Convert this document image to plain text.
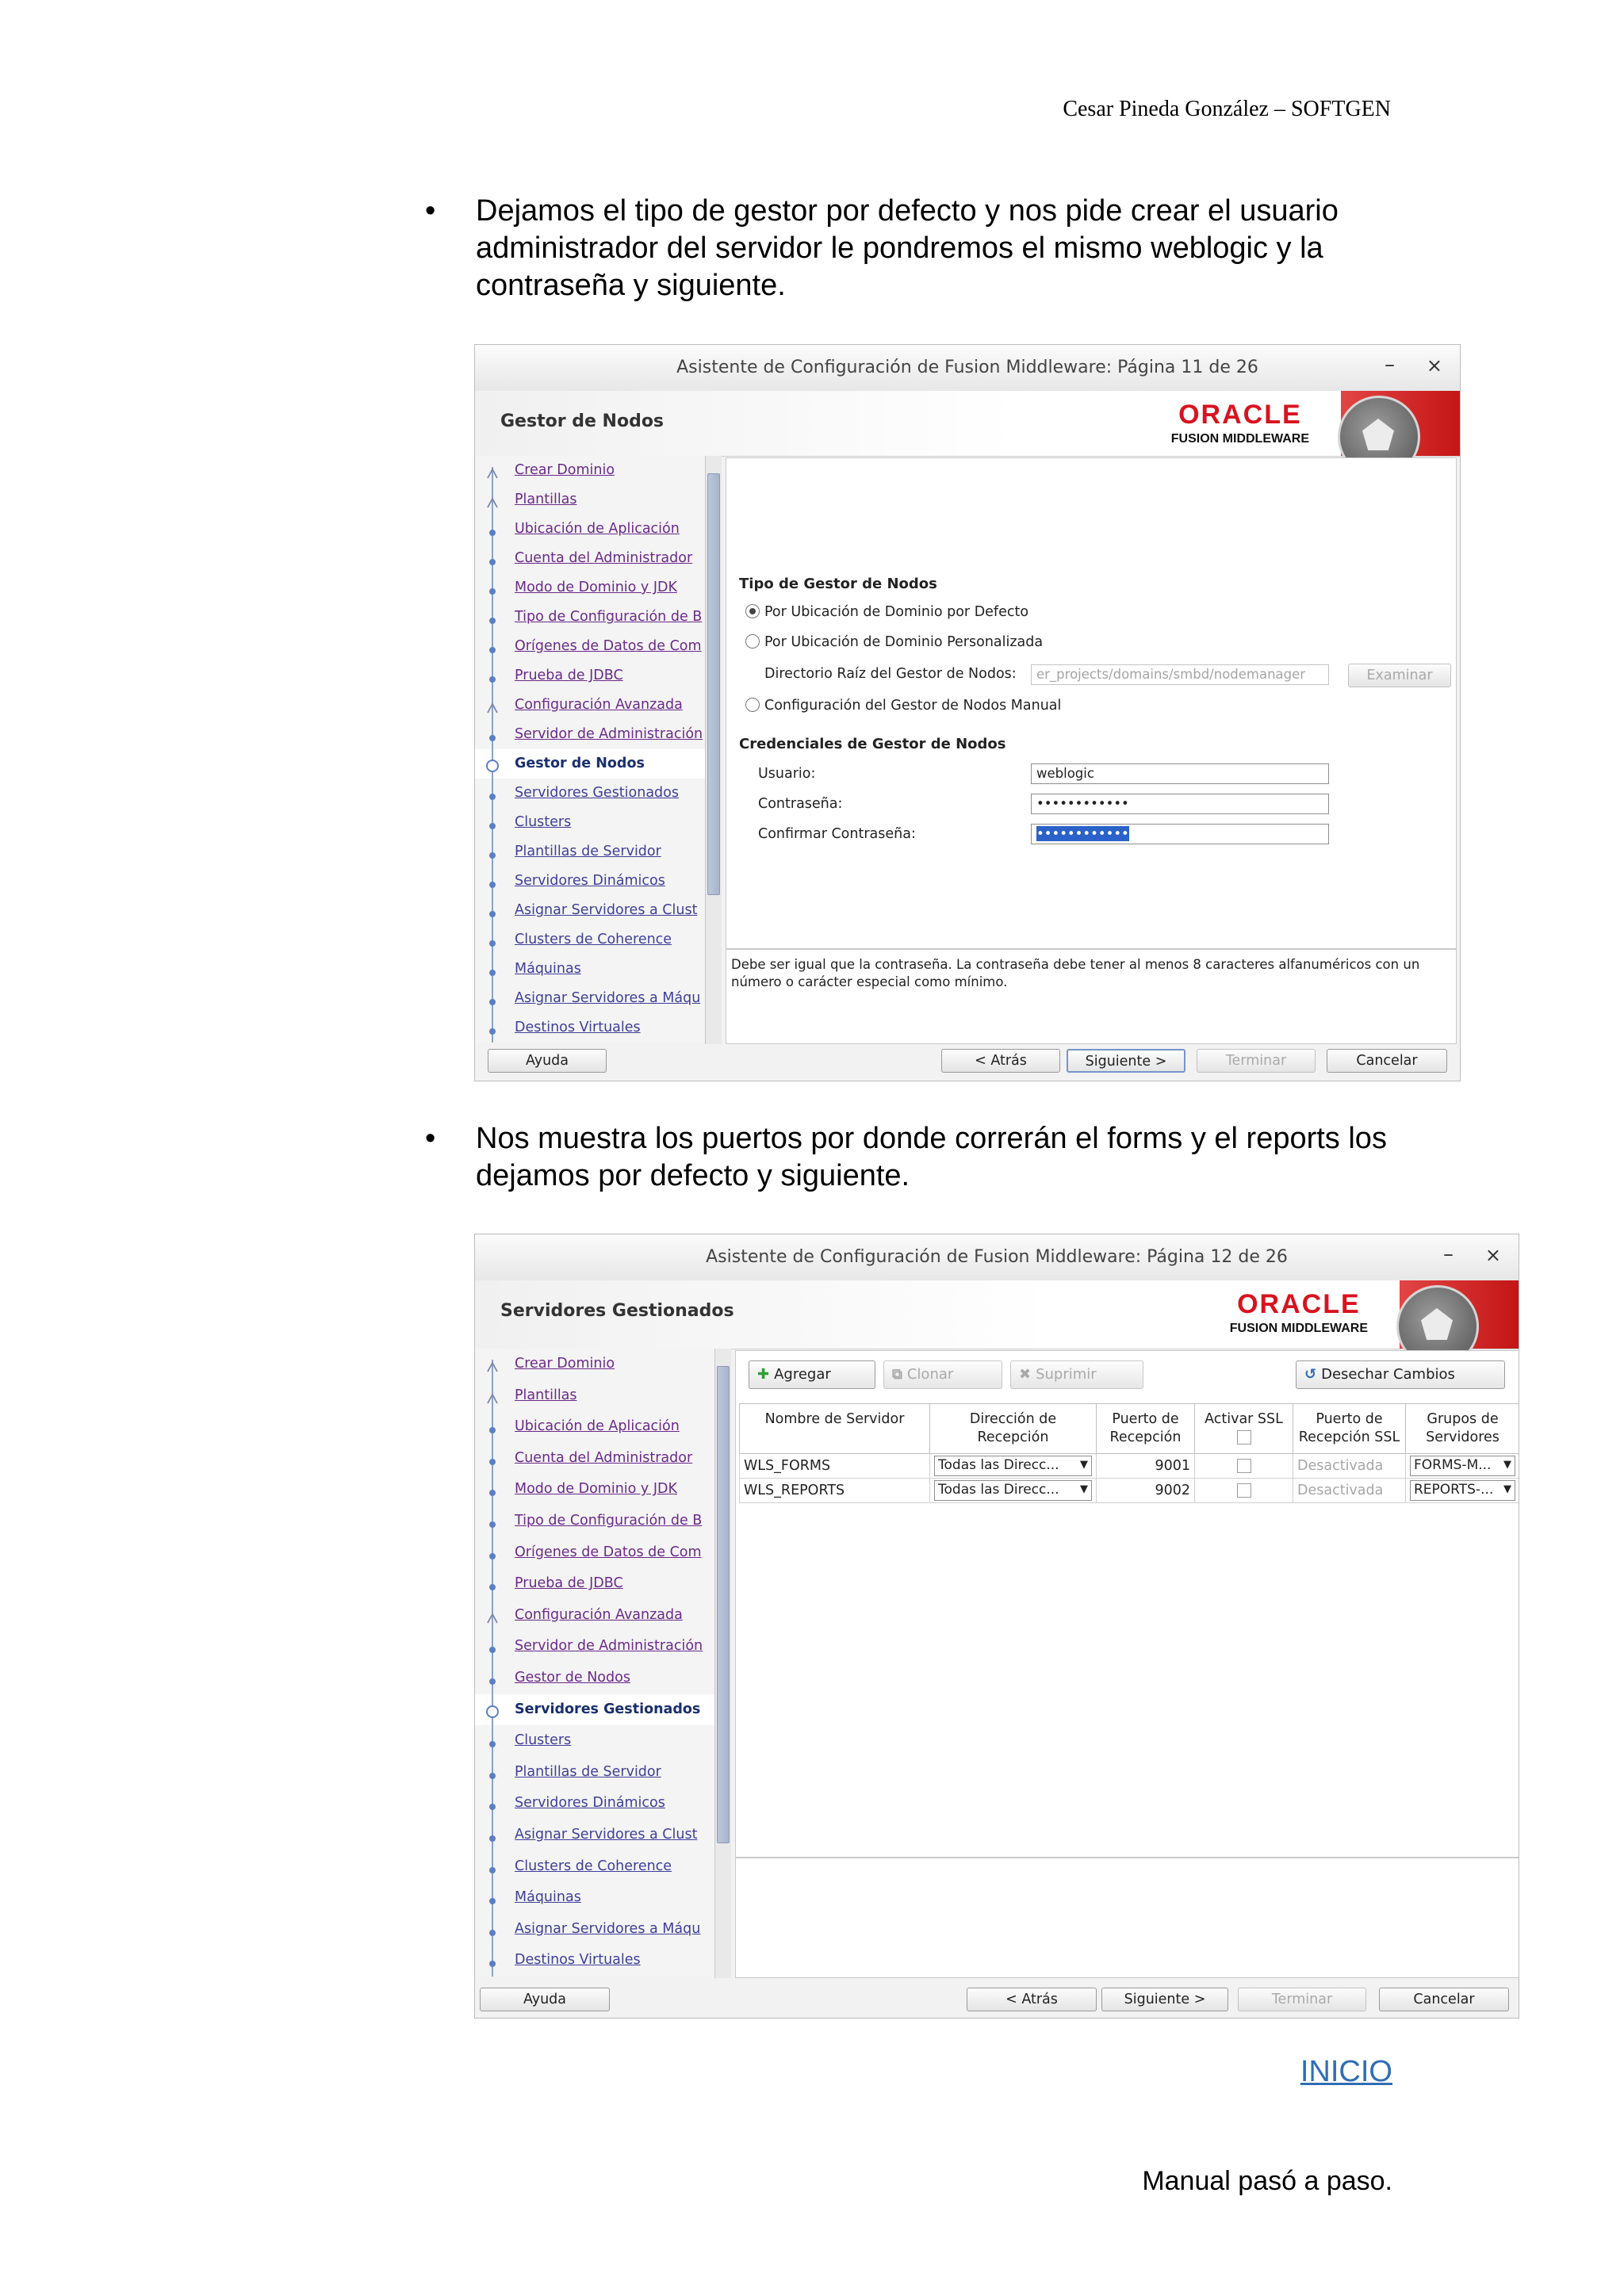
Cesar Pineda González – SOFTGEN
• Dejamos el tipo de gestor por defecto y nos pide crear el usuario administrador del servidor le pondremos el mismo weblogic y la contraseña y siguiente.
Asistente de Configuración de Fusion Middleware: Página 11 de 26	– ×
Gestor de Nodos	ORACLE
FUSION MIDDLEWARE
Crear Dominio
Plantillas
Ubicación de Aplicación
Cuenta del Administrador
Modo de Dominio y JDK
Tipo de Configuración de B
Orígenes de Datos de Com
Prueba de JDBC
Configuración Avanzada
Servidor de Administración
Gestor de Nodos
Servidores Gestionados
Clusters
Plantillas de Servidor
Servidores Dinámicos
Asignar Servidores a Clust
Clusters de Coherence
Máquinas
Asignar Servidores a Máqu
Destinos Virtuales
Tipo de Gestor de Nodos
Por Ubicación de Dominio por Defecto
Por Ubicación de Dominio Personalizada
Directorio Raíz del Gestor de Nodos:	er_projects/domains/smbd/nodemanager	Examinar
Configuración del Gestor de Nodos Manual
Credenciales de Gestor de Nodos
Usuario:	weblogic
Contraseña:	••••••••••••
Confirmar Contraseña:	••••••••••••
Debe ser igual que la contraseña. La contraseña debe tener al menos 8 caracteres alfanuméricos con un número o carácter especial como mínimo.
Ayuda	< Atrás	Siguiente >	Terminar	Cancelar
• Nos muestra los puertos por donde correrán el forms y el reports los dejamos por defecto y siguiente.
Asistente de Configuración de Fusion Middleware: Página 12 de 26	– ×
Servidores Gestionados	ORACLE
FUSION MIDDLEWARE
Crear Dominio
Plantillas
Ubicación de Aplicación
Cuenta del Administrador
Modo de Dominio y JDK
Tipo de Configuración de B
Orígenes de Datos de Com
Prueba de JDBC
Configuración Avanzada
Servidor de Administración
Gestor de Nodos
Servidores Gestionados
Clusters
Plantillas de Servidor
Servidores Dinámicos
Asignar Servidores a Clust
Clusters de Coherence
Máquinas
Asignar Servidores a Máqu
Destinos Virtuales
✚ Agregar	⧉ Clonar	✖ Suprimir	↺ Desechar Cambios
Nombre de Servidor	Dirección de Recepción	Puerto de Recepción	Activar SSL	Puerto de Recepción SSL	Grupos de Servidores
WLS_FORMS	Todas las Direcc... ▼	9001		Desactivada	FORMS-M... ▼

WLS_REPORTS	Todas las Direcc... ▼	9002		Desactivada	REPORTS-... ▼
Ayuda	< Atrás	Siguiente >	Terminar	Cancelar
INICIO
Manual pasó a paso.
